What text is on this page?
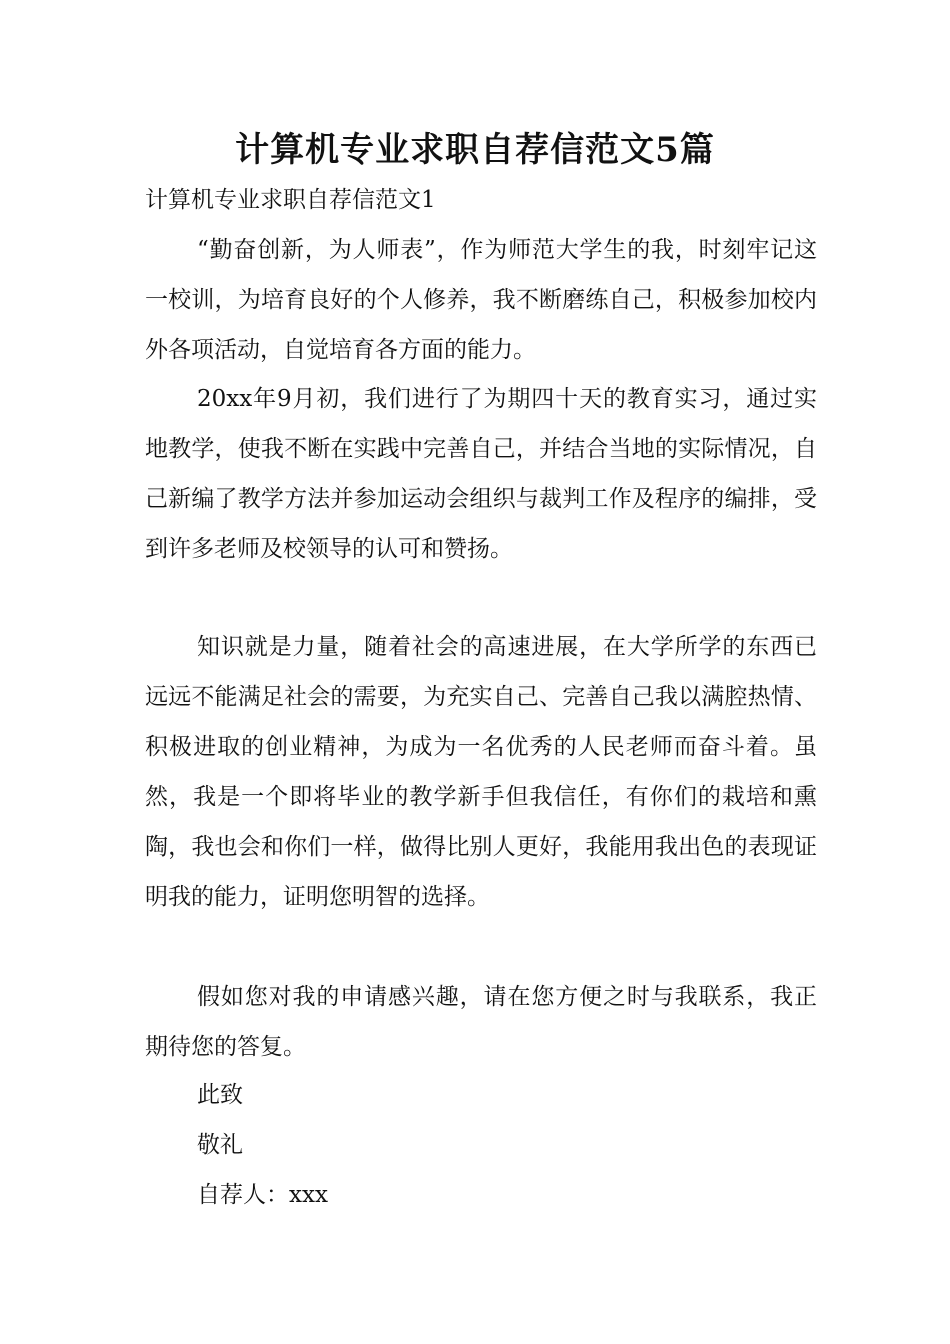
计算机专业求职自荐信范文5篇
计算机专业求职自荐信范文1

“勤奋创新，为人师表”，作为师范大学生的我，时刻牢记这一校训，为培育良好的个人修养，我不断磨练自己，积极参加校内外各项活动，自觉培育各方面的能力。

20xx年9月初，我们进行了为期四十天的教育实习，通过实地教学，使我不断在实践中完善自己，并结合当地的实际情况，自己新编了教学方法并参加运动会组织与裁判工作及程序的编排，受到许多老师及校领导的认可和赞扬。

知识就是力量，随着社会的高速进展，在大学所学的东西已远远不能满足社会的需要，为充实自己、完善自己我以满腔热情、积极进取的创业精神，为成为一名优秀的人民老师而奋斗着。虽然，我是一个即将毕业的教学新手但我信任，有你们的栽培和熏陶，我也会和你们一样，做得比别人更好，我能用我出色的表现证明我的能力，证明您明智的选择。

假如您对我的申请感兴趣，请在您方便之时与我联系，我正期待您的答复。

此致
敬礼
自荐人：xxx
